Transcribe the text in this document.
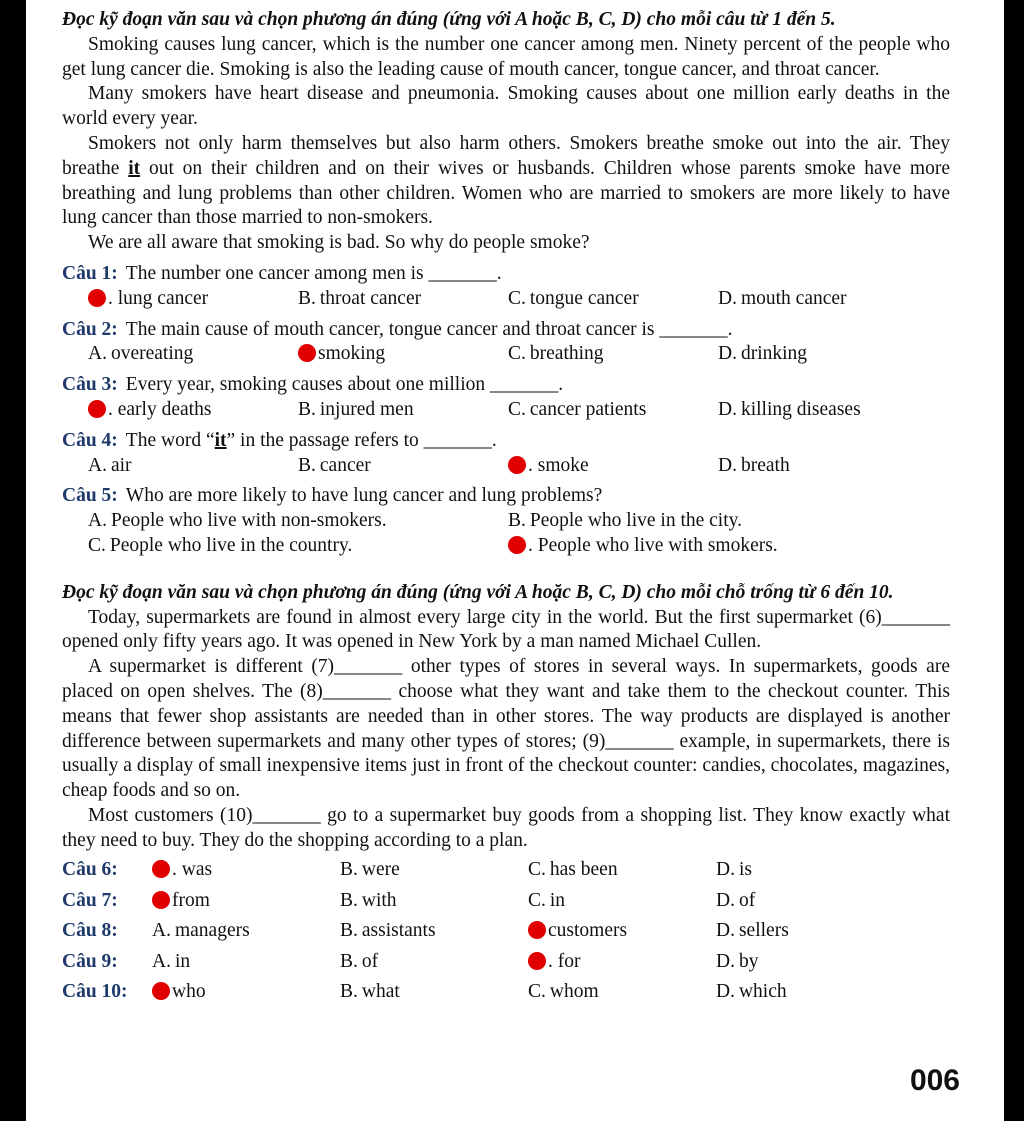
Đọc kỹ đoạn văn sau và chọn phương án đúng (ứng với A hoặc B, C, D) cho mỗi câu từ 1 đến 5.

Smoking causes lung cancer, which is the number one cancer among men. Ninety percent of the people who get lung cancer die. Smoking is also the leading cause of mouth cancer, tongue cancer, and throat cancer.

Many smokers have heart disease and pneumonia. Smoking causes about one million early deaths in the world every year.

Smokers not only harm themselves but also harm others. Smokers breathe smoke out into the air. They breathe it out on their children and on their wives or husbands. Children whose parents smoke have more breathing and lung problems than other children. Women who are married to smokers are more likely to have lung cancer than those married to non-smokers.

We are all aware that smoking is bad. So why do people smoke?

Câu 1: The number one cancer among men is _______.
. lung cancer	B. throat cancer	C. tongue cancer	D. mouth cancer
Câu 2: The main cause of mouth cancer, tongue cancer and throat cancer is _______.
A. overeating	smoking	C. breathing	D. drinking
Câu 3: Every year, smoking causes about one million _______.
. early deaths	B. injured men	C. cancer patients	D. killing diseases
Câu 4: The word “it” in the passage refers to _______.
A. air	B. cancer	. smoke	D. breath
Câu 5: Who are more likely to have lung cancer and lung problems?
A. People who live with non-smokers.	B. People who live in the city.
C. People who live in the country.	. People who live with smokers.

Đọc kỹ đoạn văn sau và chọn phương án đúng (ứng với A hoặc B, C, D) cho mỗi chỗ trống từ 6 đến 10.

Today, supermarkets are found in almost every large city in the world. But the first supermarket (6)_______ opened only fifty years ago. It was opened in New York by a man named Michael Cullen.

A supermarket is different (7)_______ other types of stores in several ways. In supermarkets, goods are placed on open shelves. The (8)_______ choose what they want and take them to the checkout counter. This means that fewer shop assistants are needed than in other stores. The way products are displayed is another difference between supermarkets and many other types of stores; (9)_______ example, in supermarkets, there is usually a display of small inexpensive items just in front of the checkout counter: candies, chocolates, magazines, cheap foods and so on.

Most customers (10)_______ go to a supermarket buy goods from a shopping list. They know exactly what they need to buy. They do the shopping according to a plan.

Câu 6:	. was	B. were	C. has been	D. is
Câu 7:	from	B. with	C. in	D. of
Câu 8:	A. managers	B. assistants	customers	D. sellers
Câu 9:	A. in	B. of	. for	D. by
Câu 10:	who	B. what	C. whom	D. which
006
